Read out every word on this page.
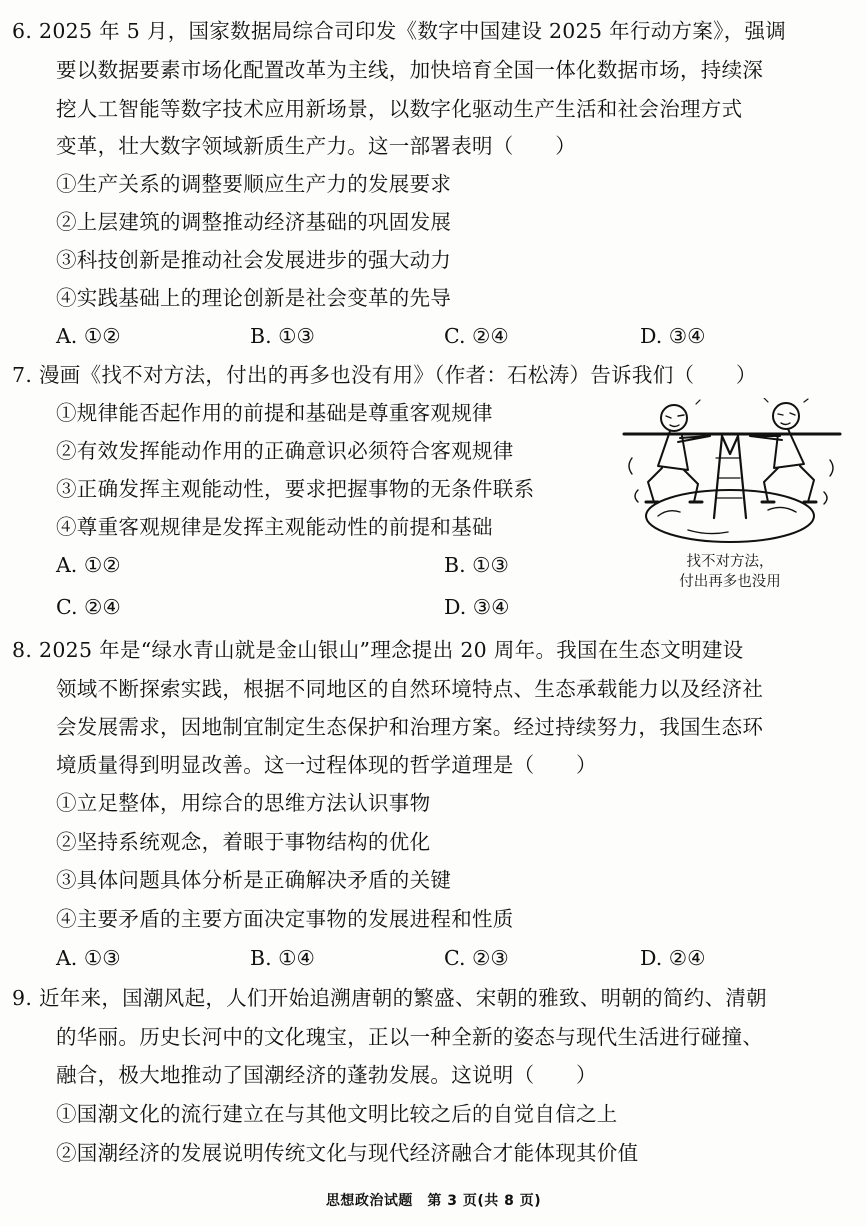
6. 2025 年 5 月，国家数据局综合司印发《数字中国建设 2025 年行动方案》，强调
要以数据要素市场化配置改革为主线，加快培育全国一体化数据市场，持续深
挖人工智能等数字技术应用新场景，以数字化驱动生产生活和社会治理方式
变革，壮大数字领域新质生产力。这一部署表明（　　）
①生产关系的调整要顺应生产力的发展要求
②上层建筑的调整推动经济基础的巩固发展
③科技创新是推动社会发展进步的强大动力
④实践基础上的理论创新是社会变革的先导
A. ①②	B. ①③	C. ②④	D. ③④
7. 漫画《找不对方法，付出的再多也没有用》（作者：石松涛）告诉我们（　　）
①规律能否起作用的前提和基础是尊重客观规律
②有效发挥能动作用的正确意识必须符合客观规律
③正确发挥主观能动性，要求把握事物的无条件联系
④尊重客观规律是发挥主观能动性的前提和基础
A. ①②	B. ①③
C. ②④	D. ③④
找不对方法，
付出再多也没用
8. 2025 年是“绿水青山就是金山银山”理念提出 20 周年。我国在生态文明建设
领域不断探索实践，根据不同地区的自然环境特点、生态承载能力以及经济社
会发展需求，因地制宜制定生态保护和治理方案。经过持续努力，我国生态环
境质量得到明显改善。这一过程体现的哲学道理是（　　）
①立足整体，用综合的思维方法认识事物
②坚持系统观念，着眼于事物结构的优化
③具体问题具体分析是正确解决矛盾的关键
④主要矛盾的主要方面决定事物的发展进程和性质
A. ①③	B. ①④	C. ②③	D. ②④
9. 近年来，国潮风起，人们开始追溯唐朝的繁盛、宋朝的雅致、明朝的简约、清朝
的华丽。历史长河中的文化瑰宝，正以一种全新的姿态与现代生活进行碰撞、
融合，极大地推动了国潮经济的蓬勃发展。这说明（　　）
①国潮文化的流行建立在与其他文明比较之后的自觉自信之上
②国潮经济的发展说明传统文化与现代经济融合才能体现其价值
思想政治试题　第 3 页(共 8 页)
